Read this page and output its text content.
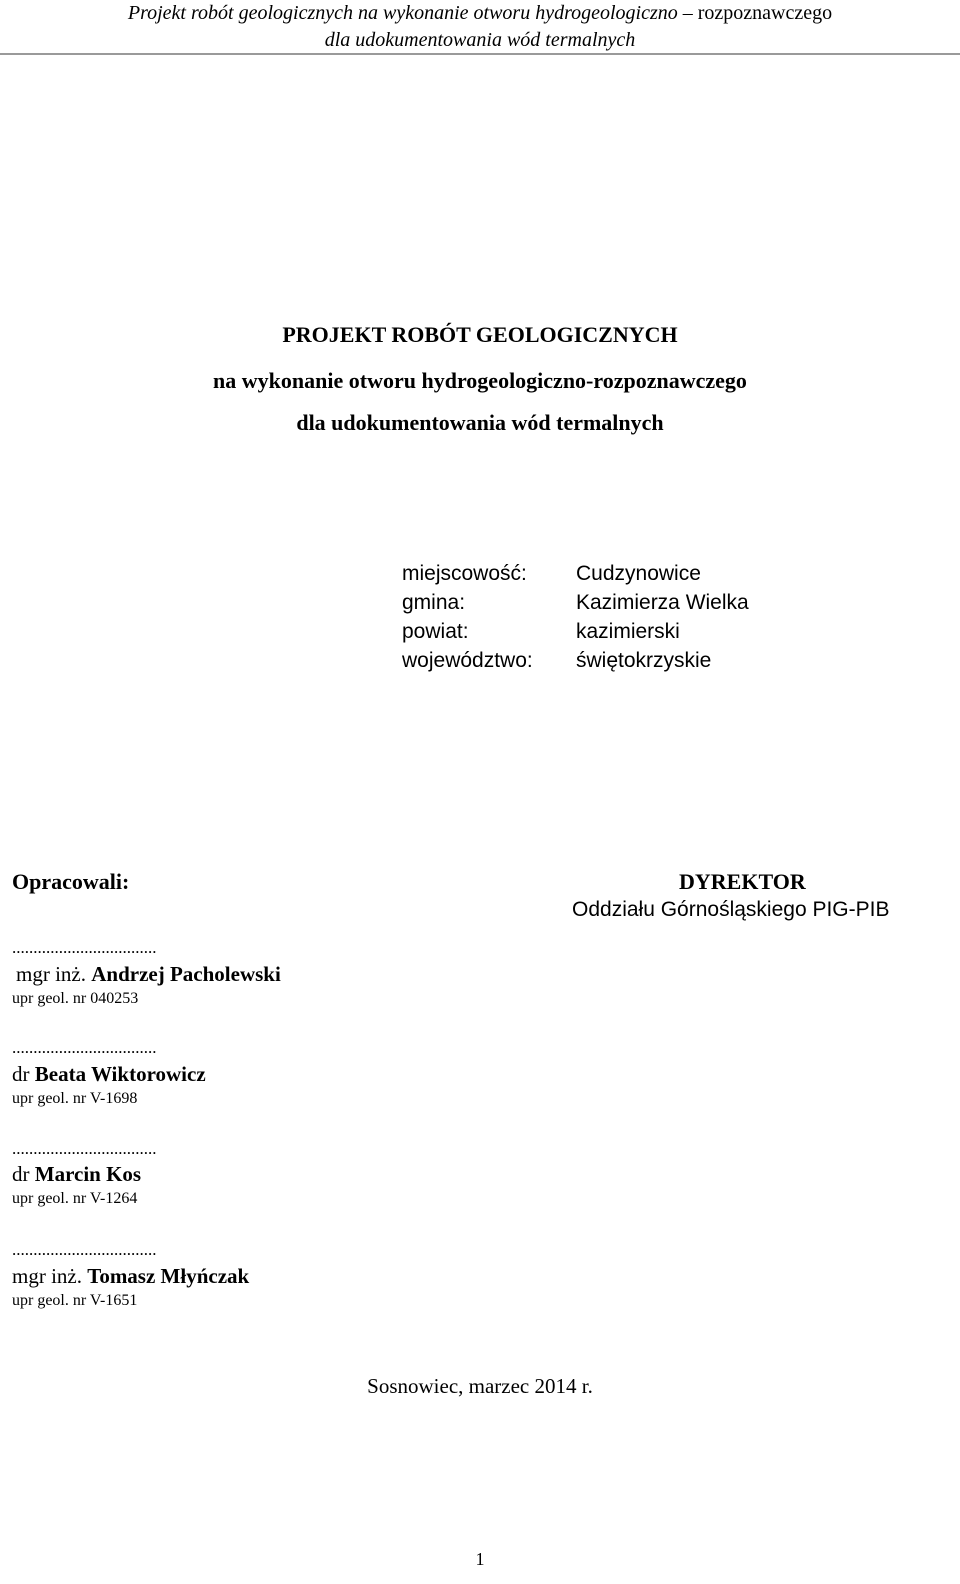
Projekt robót geologicznych na wykonanie otworu hydrogeologiczno – rozpoznawczego
dla udokumentowania wód termalnych
PROJEKT ROBÓT GEOLOGICZNYCH
na wykonanie otworu hydrogeologiczno-rozpoznawczego
dla udokumentowania wód termalnych
miejscowość: Cudzynowice
gmina:	Kazimierza Wielka
powiat:	kazimierski
województwo: świętokrzyskie
Opracowali:	DYREKTOR
Oddziału Górnośląskiego PIG-PIB
..................................
mgr inż. Andrzej Pacholewski
upr geol. nr 040253
..................................
dr Beata Wiktorowicz
upr geol. nr V-1698
..................................
dr Marcin Kos
upr geol. nr V-1264
..................................
mgr inż. Tomasz Młyńczak
upr geol. nr V-1651
Sosnowiec, marzec 2014 r.
1
